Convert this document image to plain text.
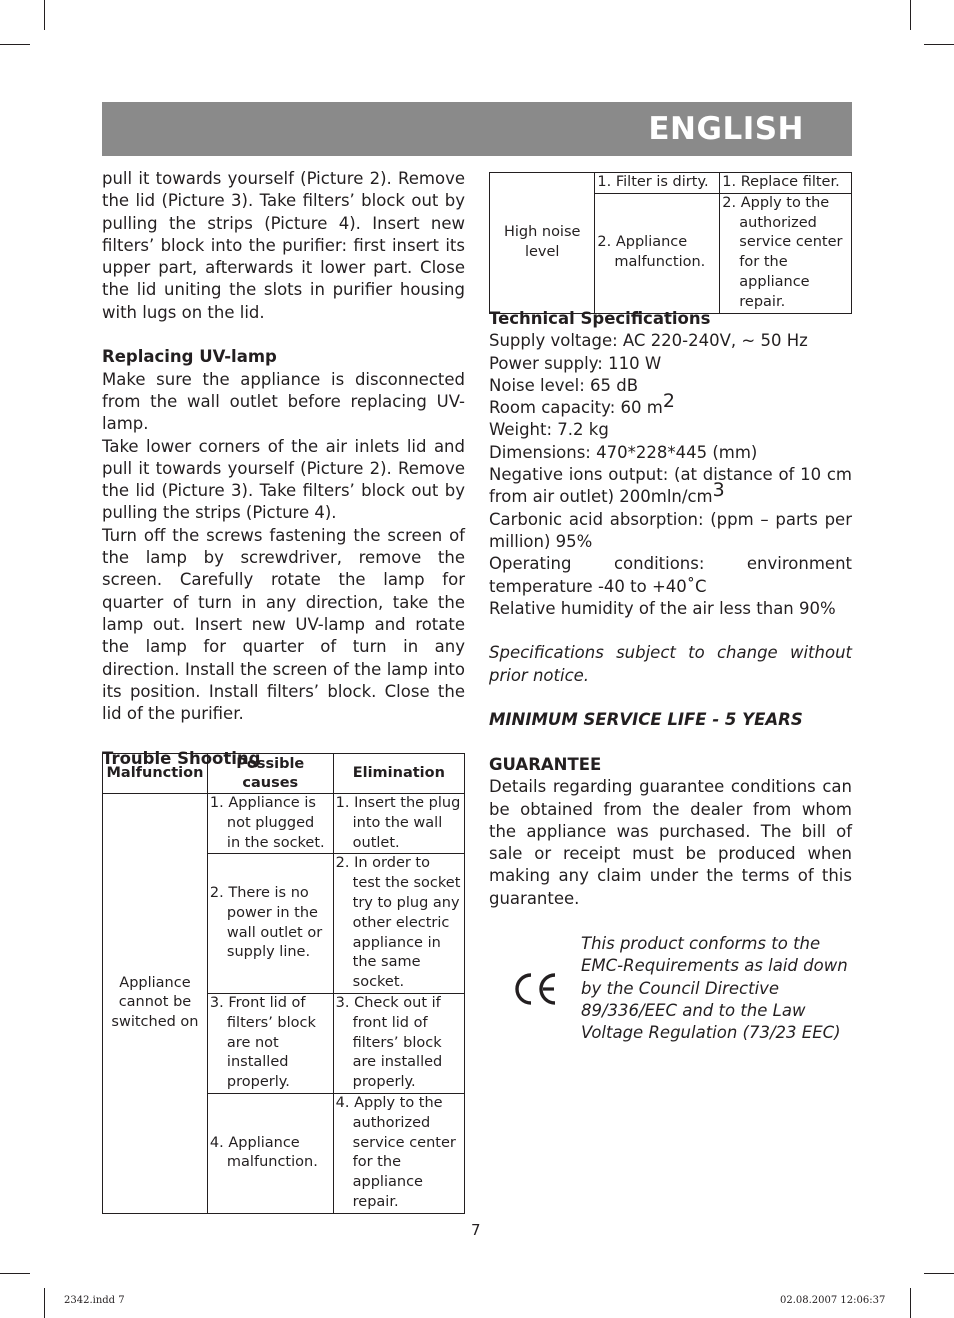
ENGLISH

pull it towards yourself (Picture 2). Remove the lid (Picture 3). Take filters’ block out by pulling the strips (Picture 4). Insert new filters’ block into the purifier: first insert its upper part, afterwards it lower part. Close the lid uniting the slots in purifier housing with lugs on the lid.

Replacing UV-lamp

Make sure the appliance is disconnected from the wall outlet before replacing UV-lamp.

Take lower corners of the air inlets lid and pull it towards yourself (Picture 2). Remove the lid (Picture 3). Take filters’ block out by pulling the strips (Picture 4).

Turn off the screws fastening the screen of the lamp by screwdriver, remove the screen. Carefully rotate the lamp for quarter of turn in any direction, take the lamp out. Insert new UV-lamp and rotate the lamp for quarter of turn in any direction. Install the screen of the lamp into its position. Install filters’ block. Close the lid of the purifier.

Trouble Shooting
Malfunction	Possible causes	Elimination
Appliance cannot be switched on	1. Appliance is not plugged in the socket.	1. Insert the plug into the wall outlet.
	2. There is no power in the wall outlet or supply line.	2. In order to test the socket try to plug any other electric appliance in the same socket.
	3. Front lid of filters’ block are not installed properly.	3. Check out if front lid of filters’ block are installed properly.
	4. Appliance malfunction.	4. Apply to the authorized service center for the appliance repair.
High noise level	1. Filter is dirty.	1. Replace filter.
	2. Appliance malfunction.	2. Apply to the authorized service center for the appliance repair.
Technical Specifications

Supply voltage: AC 220-240V, ~ 50 Hz

Power supply: 110 W

Noise level: 65 dB

Room capacity: 60 $m^2$

Weight: 7.2 kg

Dimensions: 470*228*445 (mm)

Negative ions output: (at distance of 10 cm from air outlet) $200mln/cm^3$

Carbonic acid absorption: (ppm – parts per million) 95%

Operating conditions: environment temperature -40 to +40˚C

Relative humidity of the air less than 90%

Specifications subject to change without prior notice.

MINIMUM SERVICE LIFE - 5 YEARS

GUARANTEE

Details regarding guarantee conditions can be obtained from the dealer from whom the appliance was purchased. The bill of sale or receipt must be produced when making any claim under the terms of this guarantee.

This product conforms to the EMC-Requirements as laid down by the Council Directive 89/336/EEC and to the Law Voltage Regulation (73/23 EEC)
7
2342.indd 7	02.08.2007 12:06:37
